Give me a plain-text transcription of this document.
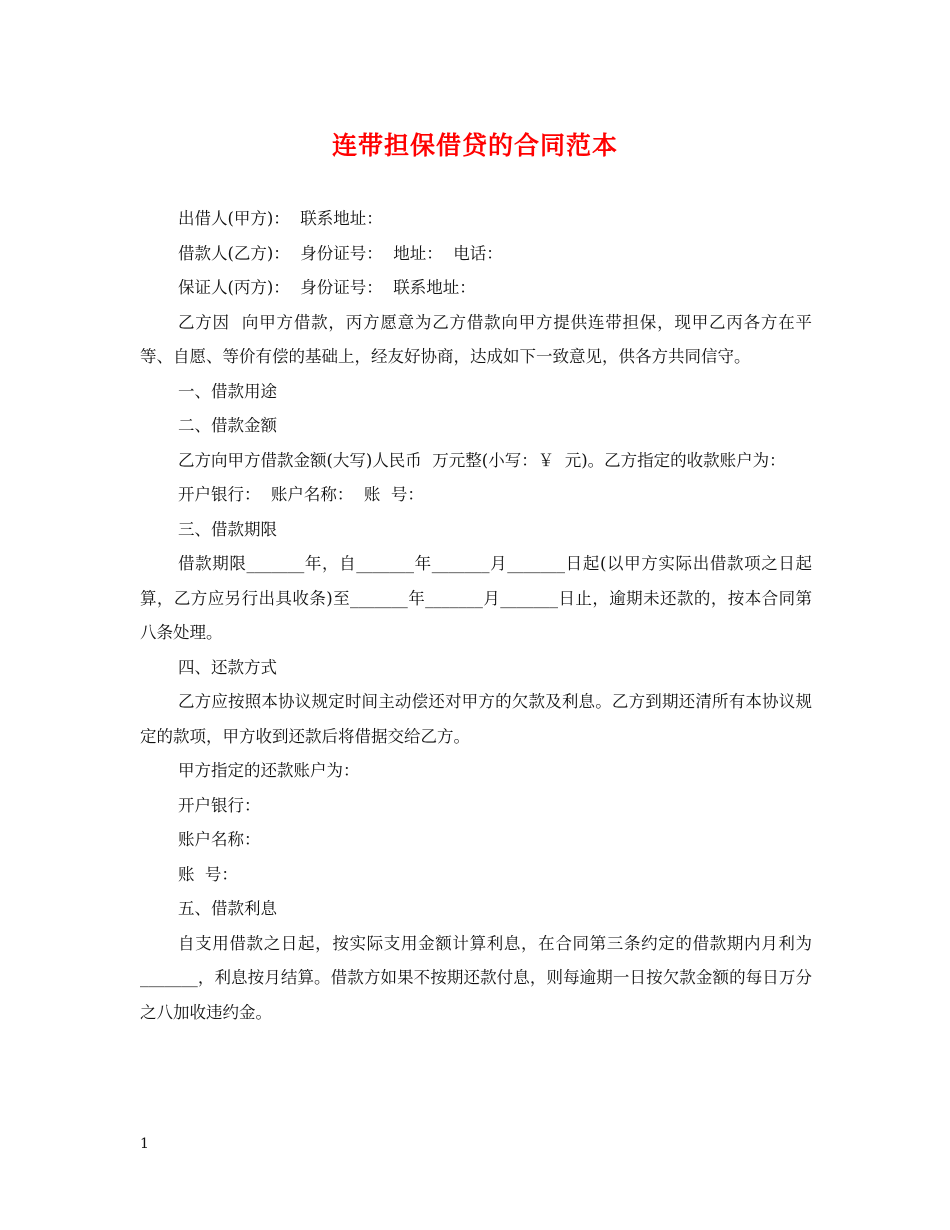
连带担保借贷的合同范本

出借人(甲方)：  联系地址：

借款人(乙方)：  身份证号：  地址：  电话：

保证人(丙方)：  身份证号：  联系地址：

乙方因  向甲方借款，丙方愿意为乙方借款向甲方提供连带担保，现甲乙丙各方在平等、自愿、等价有偿的基础上，经友好协商，达成如下一致意见，供各方共同信守。

一、借款用途

二、借款金额

乙方向甲方借款金额(大写)人民币  万元整(小写：￥  元)。乙方指定的收款账户为：

开户银行：  账户名称：  账  号：

三、借款期限

借款期限_______年，自_______年_______月_______日起(以甲方实际出借款项之日起算，乙方应另行出具收条)至_______年_______月_______日止，逾期未还款的，按本合同第八条处理。

四、还款方式

乙方应按照本协议规定时间主动偿还对甲方的欠款及利息。乙方到期还清所有本协议规定的款项，甲方收到还款后将借据交给乙方。

甲方指定的还款账户为：

开户银行：

账户名称：

账  号：

五、借款利息

自支用借款之日起，按实际支用金额计算利息，在合同第三条约定的借款期内月利为_______，利息按月结算。借款方如果不按期还款付息，则每逾期一日按欠款金额的每日万分之八加收违约金。

1
